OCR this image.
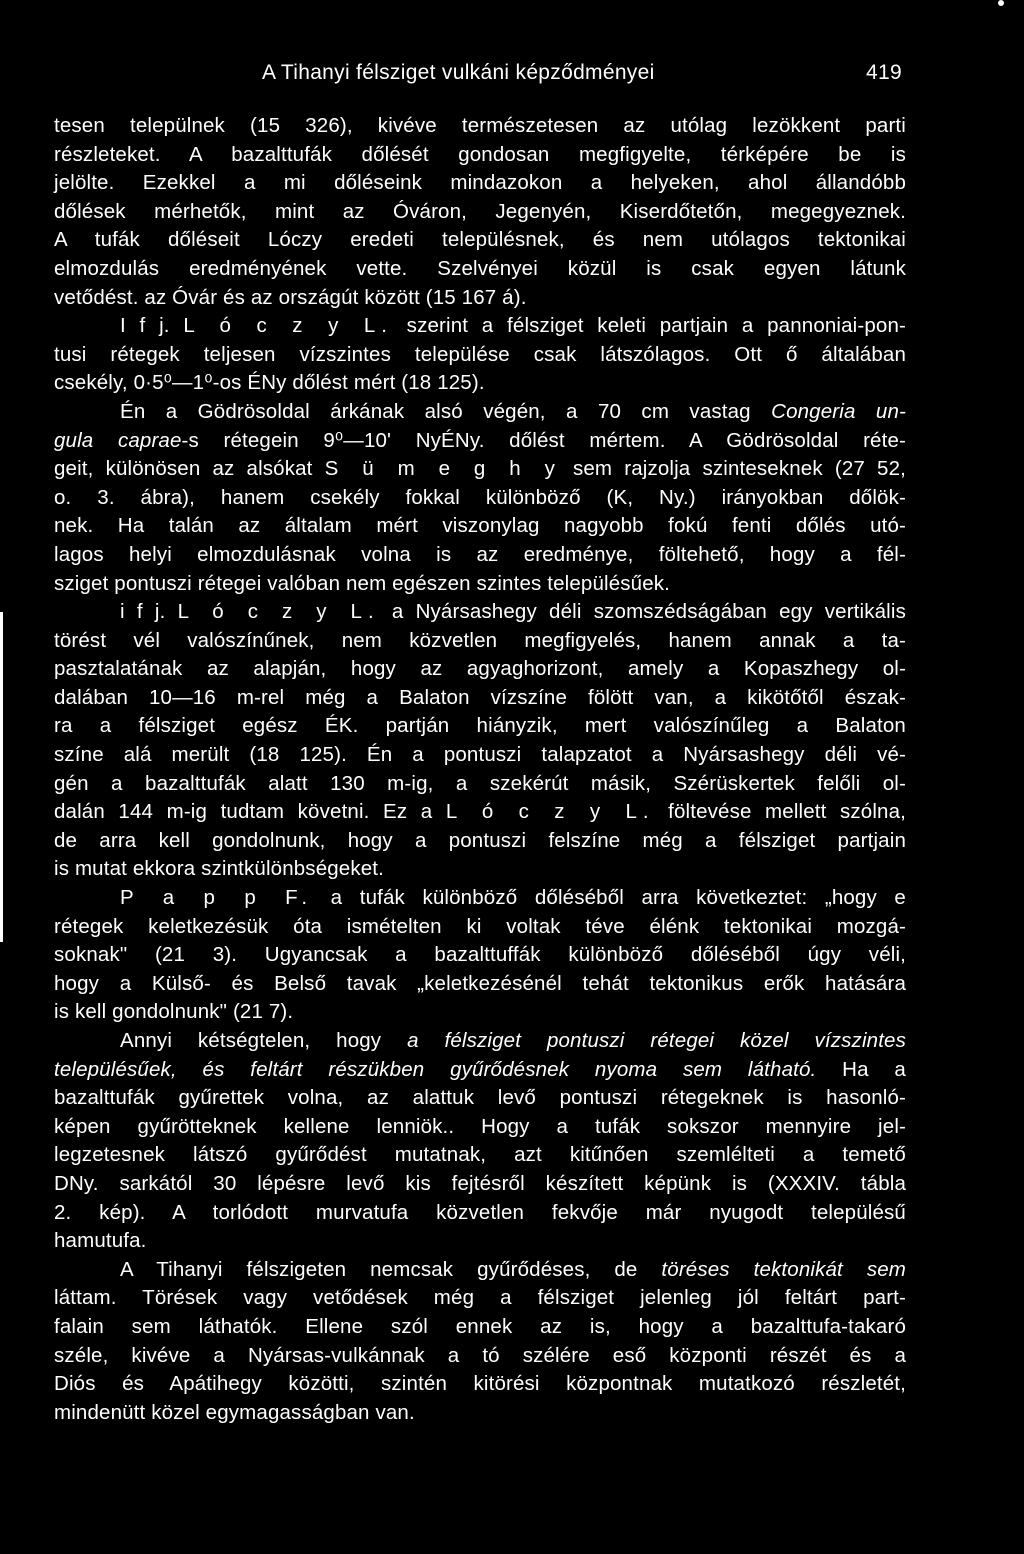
A Tihanyi félsziget vulkáni képződményei	419
tesen települnek (15 326), kivéve természetesen az utólag lezökkent parti
részleteket. A bazalttufák dőlését gondosan megfigyelte, térképére be is
jelölte. Ezekkel a mi dőléseink mindazokon a helyeken, ahol állandóbb
dőlések mérhetők, mint az Óváron, Jegenyén, Kiserdőtetőn, megegyeznek.
A tufák dőléseit Lóczy eredeti településnek, és nem utólagos tektonikai
elmozdulás eredményének vette. Szelvényei közül is csak egyen látunk
vetődést. az Óvár és az országút között (15 167 á).
I f j. L ó c z y L. szerint a félsziget keleti partjain a pannoniai-pon-
tusi rétegek teljesen vízszintes települése csak látszólagos. Ott ő általában
csekély, 0·5⁰—1⁰-os ÉNy dőlést mért (18 125).
Én a Gödrösoldal árkának alsó végén, a 70 cm vastag Congeria un-
gula caprae-s rétegein 9⁰—10' NyÉNy. dőlést mértem. A Gödrösoldal réte-
geit, különösen az alsókat S ü m e g h y sem rajzolja szinteseknek (27 52,
o. 3. ábra), hanem csekély fokkal különböző (K, Ny.) irányokban dőlök-
nek. Ha talán az általam mért viszonylag nagyobb fokú fenti dőlés utó-
lagos helyi elmozdulásnak volna is az eredménye, föltehető, hogy a fél-
sziget pontuszi rétegei valóban nem egészen szintes településűek.
i f j. L ó c z y L. a Nyársashegy déli szomszédságában egy vertikális
törést vél valószínűnek, nem közvetlen megfigyelés, hanem annak a ta-
pasztalatának az alapján, hogy az agyaghorizont, amely a Kopaszhegy ol-
dalában 10—16 m-rel még a Balaton vízszíne fölött van, a kikötőtől észak-
ra a félsziget egész ÉK. partján hiányzik, mert valószínűleg a Balaton
színe alá merült (18 125). Én a pontuszi talapzatot a Nyársashegy déli vé-
gén a bazalttufák alatt 130 m-ig, a szekérút másik, Szérüskertek felőli ol-
dalán 144 m-ig tudtam követni. Ez a L ó c z y L. föltevése mellett szólna,
de arra kell gondolnunk, hogy a pontuszi felszíne még a félsziget partjain
is mutat ekkora szintkülönbségeket.
P a p p F. a tufák különböző dőléséből arra következtet: „hogy e
rétegek keletkezésük óta ismételten ki voltak téve élénk tektonikai mozgá-
soknak" (21 3). Ugyancsak a bazalttuffák különböző dőléséből úgy véli,
hogy a Külső- és Belső tavak „keletkezésénél tehát tektonikus erők hatására
is kell gondolnunk" (21 7).
Annyi kétségtelen, hogy a félsziget pontuszi rétegei közel vízszintes
településűek, és feltárt részükben gyűrődésnek nyoma sem látható. Ha a
bazalttufák gyűrettek volna, az alattuk levő pontuszi rétegeknek is hasonló-
képen gyűrötteknek kellene lenniök.. Hogy a tufák sokszor mennyire jel-
legzetesnek látszó gyűrődést mutatnak, azt kitűnően szemlélteti a temető
DNy. sarkától 30 lépésre levő kis fejtésről készített képünk is (XXXIV. tábla
2. kép). A torlódott murvatufa közvetlen fekvője már nyugodt településű
hamutufa.
A Tihanyi félszigeten nemcsak gyűrődéses, de töréses tektonikát sem
láttam. Törések vagy vetődések még a félsziget jelenleg jól feltárt part-
falain sem láthatók. Ellene szól ennek az is, hogy a bazalttufa-takaró
széle, kivéve a Nyársas-vulkánnak a tó szélére eső központi részét és a
Diós és Apátihegy közötti, szintén kitörési központnak mutatkozó részletét,
mindenütt közel egymagasságban van.
